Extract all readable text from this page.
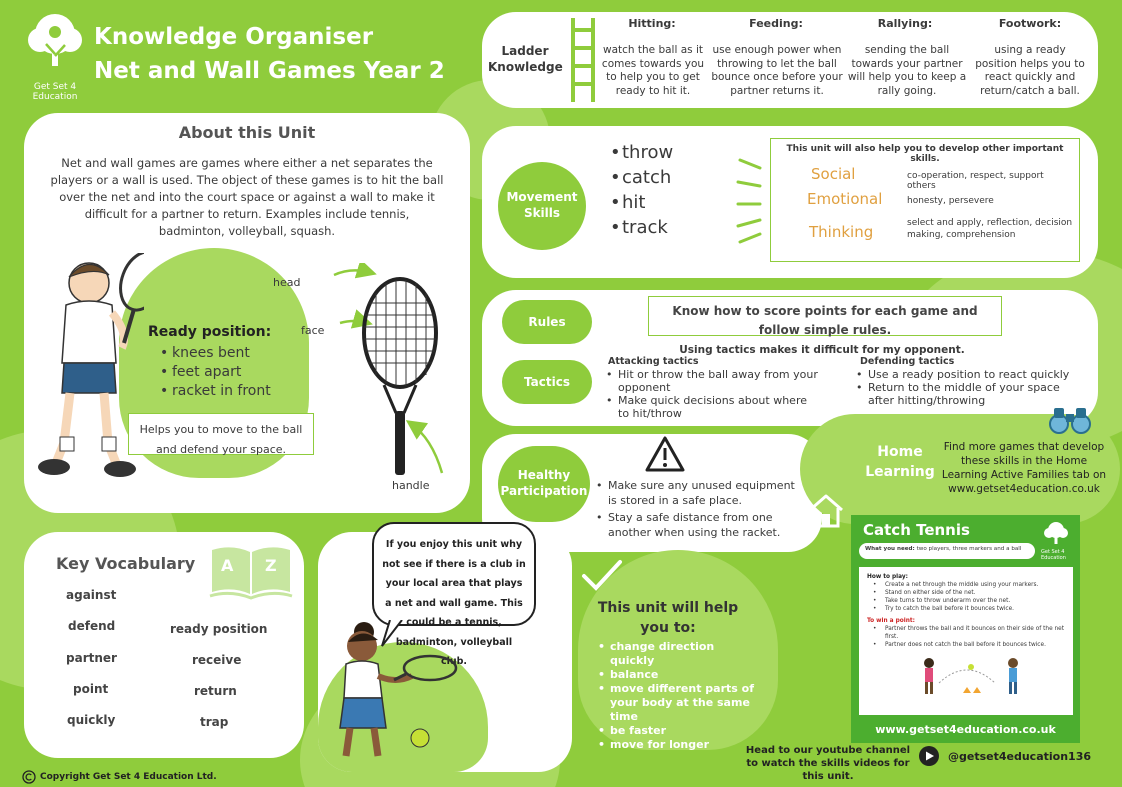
Get Set 4
Education
Knowledge Organiser
Net and Wall Games Year 2
Ladder
Knowledge
Hitting:
watch the ball as it comes towards you to help you to get ready to hit it.
Feeding:
use enough power when throwing to let the ball bounce once before your partner returns it.
Rallying:
sending the ball towards your partner will help you to keep a rally going.
Footwork:
using a ready position helps you to react quickly and return/catch a ball.
About this Unit
Net and wall games are games where either a net separates the players or a wall is used. The object of these games is to hit the ball over the net and into the court space or against a wall to make it difficult for a partner to return. Examples include tennis, badminton, volleyball, squash.
Ready position:
• knees bent
• feet apart
• racket in front
Helps you to move to the ball and defend your space.
head
face
handle
Movement
Skills
• throw
• catch
• hit
• track
This unit will also help you to develop other important skills.
Social	co-operation, respect, support others
Emotional	honesty, persevere
Thinking	select and apply, reflection, decision making, comprehension
Rules
Know how to score points for each game and follow simple rules.
Tactics
Using tactics makes it difficult for my opponent.
Attacking tactics
• Hit or throw the ball away from your opponent
• Make quick decisions about where to hit/throw
Defending tactics
• Use a ready position to react quickly
• Return to the middle of your space after hitting/throwing
Healthy
Participation
•	Make sure any unused equipment is stored in a safe place.
• Stay a safe distance from one another when using the racket.
Home
Learning
Find more games that develop these skills in the Home Learning Active Families tab on www.getset4education.co.uk
Catch Tennis
Get Set 4
Education
What you need: two players, three markers and a ball
How to play:
• Create a net through the middle using your markers.
• Stand on either side of the net.
• Take turns to throw underarm over the net.
• Try to catch the ball before it bounces twice.
To win a point:
• Partner throws the ball and it bounces on their side of the net first.
• Partner does not catch the ball before it bounces twice.
www.getset4education.co.uk
Key Vocabulary A Z
against
defend
partner
point
quickly
ready position
receive
return
trap
If you enjoy this unit why not see if there is a club in your local area that plays a net and wall game. This could be a tennis, badminton, volleyball club.
This unit will help
you to:
• change direction quickly
• balance
• move different parts of your body at the same time
• be faster
• move for longer	Head to our youtube channel to watch the skills videos for this unit.
@getset4education136
Copyright Get Set 4 Education Ltd.
